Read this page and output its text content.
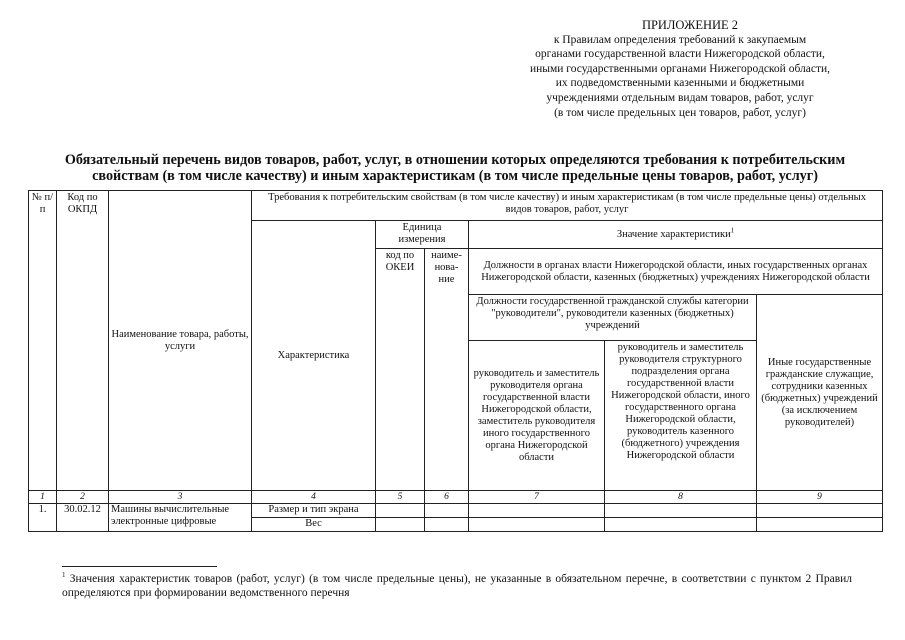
ПРИЛОЖЕНИЕ 2
к Правилам определения требований к закупаемым
органами государственной власти Нижегородской области,
иными государственными органами Нижегородской области,
их подведомственными казенными и бюджетными
учреждениями отдельным видам товаров, работ, услуг
(в том числе предельных цен товаров, работ, услуг)
Обязательный перечень видов товаров, работ, услуг, в отношении которых определяются требования к потребительским
свойствам (в том числе качеству) и иным характеристикам (в том числе предельные цены товаров, работ, услуг)
№ п/п	Код по ОКПД	Наименование товара, работы, услуги	Требования к потребительским свойствам (в том числе качеству) и иным характеристикам (в том числе предельные цены) отдельных видов товаров, работ, услуг					
			Характеристика	Единица измерения		Значение характеристики$^1$
				код по ОКЕИ	наиме-нова-ние	Должности в органах власти Нижегородской области, иных государственных органах Нижегородской области, казенных (бюджетных) учреждениях Нижегородской области		
						Должности государственной гражданской службы категории "руководители", руководители казенных (бюджетных) учреждений		Иные государственные гражданские служащие, сотрудники казенных (бюджетных) учреждений (за исключением руководителей)
						руководитель и заместитель руководителя органа государственной власти Нижегородской области, заместитель руководителя иного государственного органа Нижегородской области	руководитель и заместитель руководителя структурного подразделения органа государственной власти Нижегородской области, иного государственного органа Нижегородской области, руководитель казенного (бюджетного) учреждения Нижегородской области	

1	2	3	4	5	6	7	8	9
1.	30.02.12	Машины вычислительные электронные цифровые	Размер и тип экрана					
			Вес					
$^1$ Значения характеристик товаров (работ, услуг) (в том числе предельные цены), не указанные в обязательном перечне, в соответствии с пунктом 2 Правил определяются при формировании ведомственного перечня
